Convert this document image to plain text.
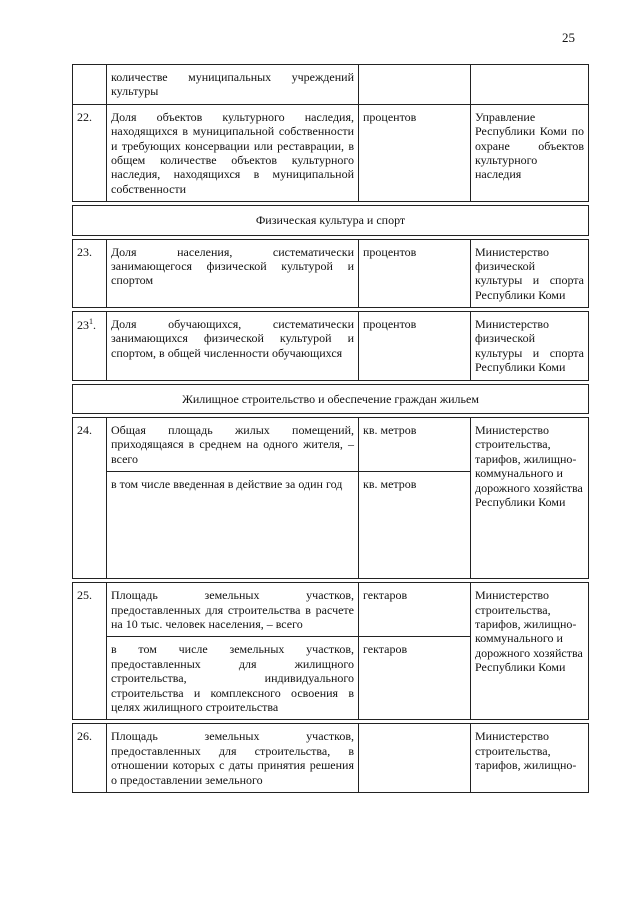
25
	количестве муниципальных учреждений культуры		
22.	Доля объектов культурного наследия, находящихся в муниципальной собственности и требующих консервации или реставрации, в общем количестве объектов культурного наследия, находящихся в муниципальной собственности	процентов	Управление Республики Коми по охране объектов культурного наследия

Физическая культура и спорт			

23.	Доля населения, систематически занимающегося физической культурой и спортом	процентов	Министерство физической культуры и спорта Республики Коми

$23^1$.	Доля обучающихся, систематически занимающихся физической культурой и спортом, в общей численности обучающихся	процентов	Министерство физической культуры и спорта Республики Коми

Жилищное строительство и обеспечение граждан жильем			

24.	Общая площадь жилых помещений, приходящаяся в среднем на одного жителя, – всего	кв. метров	Министерство строительства, тарифов, жилищно-коммунального и дорожного хозяйства Республики Коми
	в том числе введенная в действие за один год	кв. метров	

25.	Площадь земельных участков, предоставленных для строительства в расчете на 10 тыс. человек населения, – всего	гектаров	Министерство строительства, тарифов, жилищно-коммунального и дорожного хозяйства Республики Коми
	в том числе земельных участков, предоставленных для жилищного строительства, индивидуального строительства и комплексного освоения в целях жилищного строительства	гектаров	

26.	Площадь земельных участков, предоставленных для строительства, в отношении которых с даты принятия решения о предоставлении земельного		Министерство строительства, тарифов, жилищно-
